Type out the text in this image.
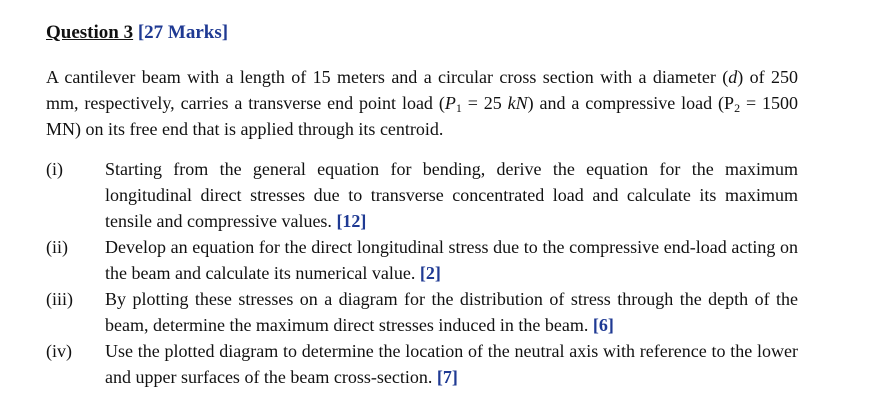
Question 3 [27 Marks]

A cantilever beam with a length of 15 meters and a circular cross section with a diameter (d) of 250 mm, respectively, carries a transverse end point load ($P_1 = 25$ kN) and a compressive load ($P_2 = 1500$ MN) on its free end that is applied through its centroid.

(i)	Starting from the general equation for bending, derive the equation for the maximum longitudinal direct stresses due to transverse concentrated load and calculate its maximum tensile and compressive values. [12]
(ii)	Develop an equation for the direct longitudinal stress due to the compressive end-load acting on the beam and calculate its numerical value. [2]
(iii)	By plotting these stresses on a diagram for the distribution of stress through the depth of the beam, determine the maximum direct stresses induced in the beam. [6]
(iv)	Use the plotted diagram to determine the location of the neutral axis with reference to the lower and upper surfaces of the beam cross-section. [7]
